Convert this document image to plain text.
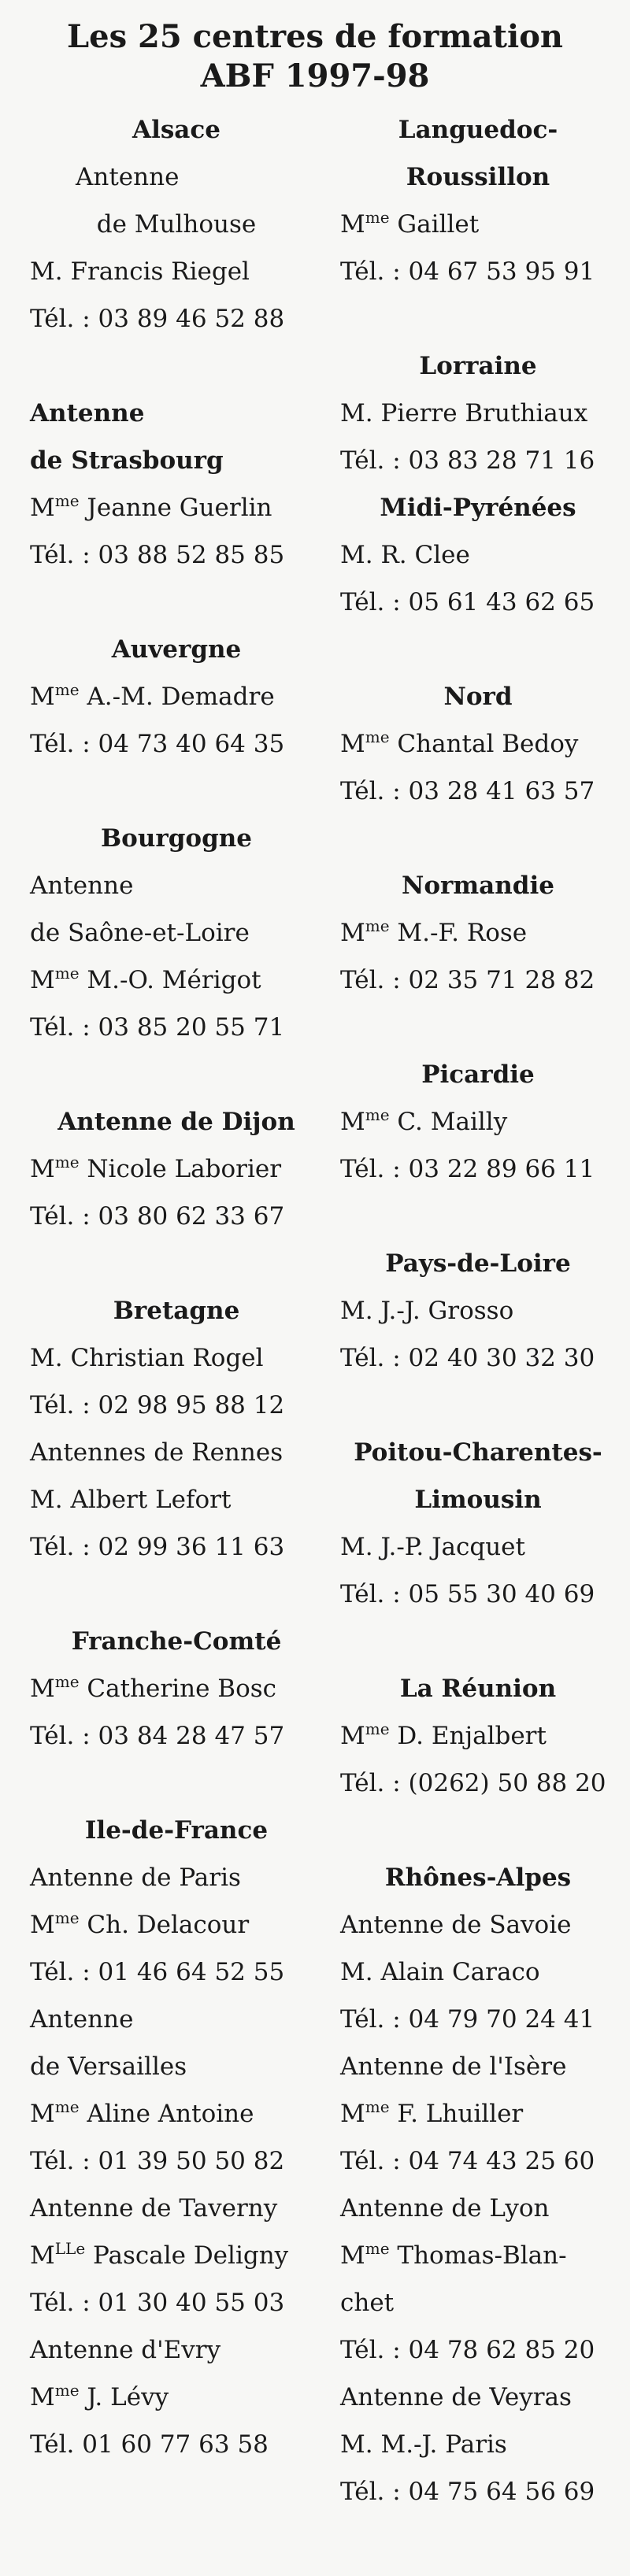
Les 25 centres de formation
ABF 1997-98
Alsace
Antenne
de Mulhouse
M. Francis Riegel
Tél. : 03 89 46 52 88
Antenne
de Strasbourg
$M^{me}$ Jeanne Guerlin
Tél. : 03 88 52 85 85
Auvergne
$M^{me}$ A.-M. Demadre
Tél. : 04 73 40 64 35
Bourgogne
Antenne
de Saône-et-Loire
$M^{me}$ M.-O. Mérigot
Tél. : 03 85 20 55 71
Antenne de Dijon
$M^{me}$ Nicole Laborier
Tél. : 03 80 62 33 67
Bretagne
M. Christian Rogel
Tél. : 02 98 95 88 12
Antennes de Rennes
M. Albert Lefort
Tél. : 02 99 36 11 63
Franche-Comté
$M^{me}$ Catherine Bosc
Tél. : 03 84 28 47 57
Ile-de-France
Antenne de Paris
$M^{me}$ Ch. Delacour
Tél. : 01 46 64 52 55
Antenne
de Versailles
$M^{me}$ Aline Antoine
Tél. : 01 39 50 50 82
Antenne de Taverny
$M^{LLe}$ Pascale Deligny
Tél. : 01 30 40 55 03
Antenne d'Evry
$M^{me}$ J. Lévy
Tél. 01 60 77 63 58
Languedoc-
Roussillon
$M^{me}$ Gaillet
Tél. : 04 67 53 95 91
Lorraine
M. Pierre Bruthiaux
Tél. : 03 83 28 71 16
Midi-Pyrénées
M. R. Clee
Tél. : 05 61 43 62 65
Nord
$M^{me}$ Chantal Bedoy
Tél. : 03 28 41 63 57
Normandie
$M^{me}$ M.-F. Rose
Tél. : 02 35 71 28 82
Picardie
$M^{me}$ C. Mailly
Tél. : 03 22 89 66 11
Pays-de-Loire
M. J.-J. Grosso
Tél. : 02 40 30 32 30
Poitou-Charentes-
Limousin
M. J.-P. Jacquet
Tél. : 05 55 30 40 69
La Réunion
$M^{me}$ D. Enjalbert
Tél. : (0262) 50 88 20
Rhônes-Alpes
Antenne de Savoie
M. Alain Caraco
Tél. : 04 79 70 24 41
Antenne de l'Isère
$M^{me}$ F. Lhuiller
Tél. : 04 74 43 25 60
Antenne de Lyon
$M^{me}$ Thomas-Blan-
chet
Tél. : 04 78 62 85 20
Antenne de Veyras
M. M.-J. Paris
Tél. : 04 75 64 56 69
